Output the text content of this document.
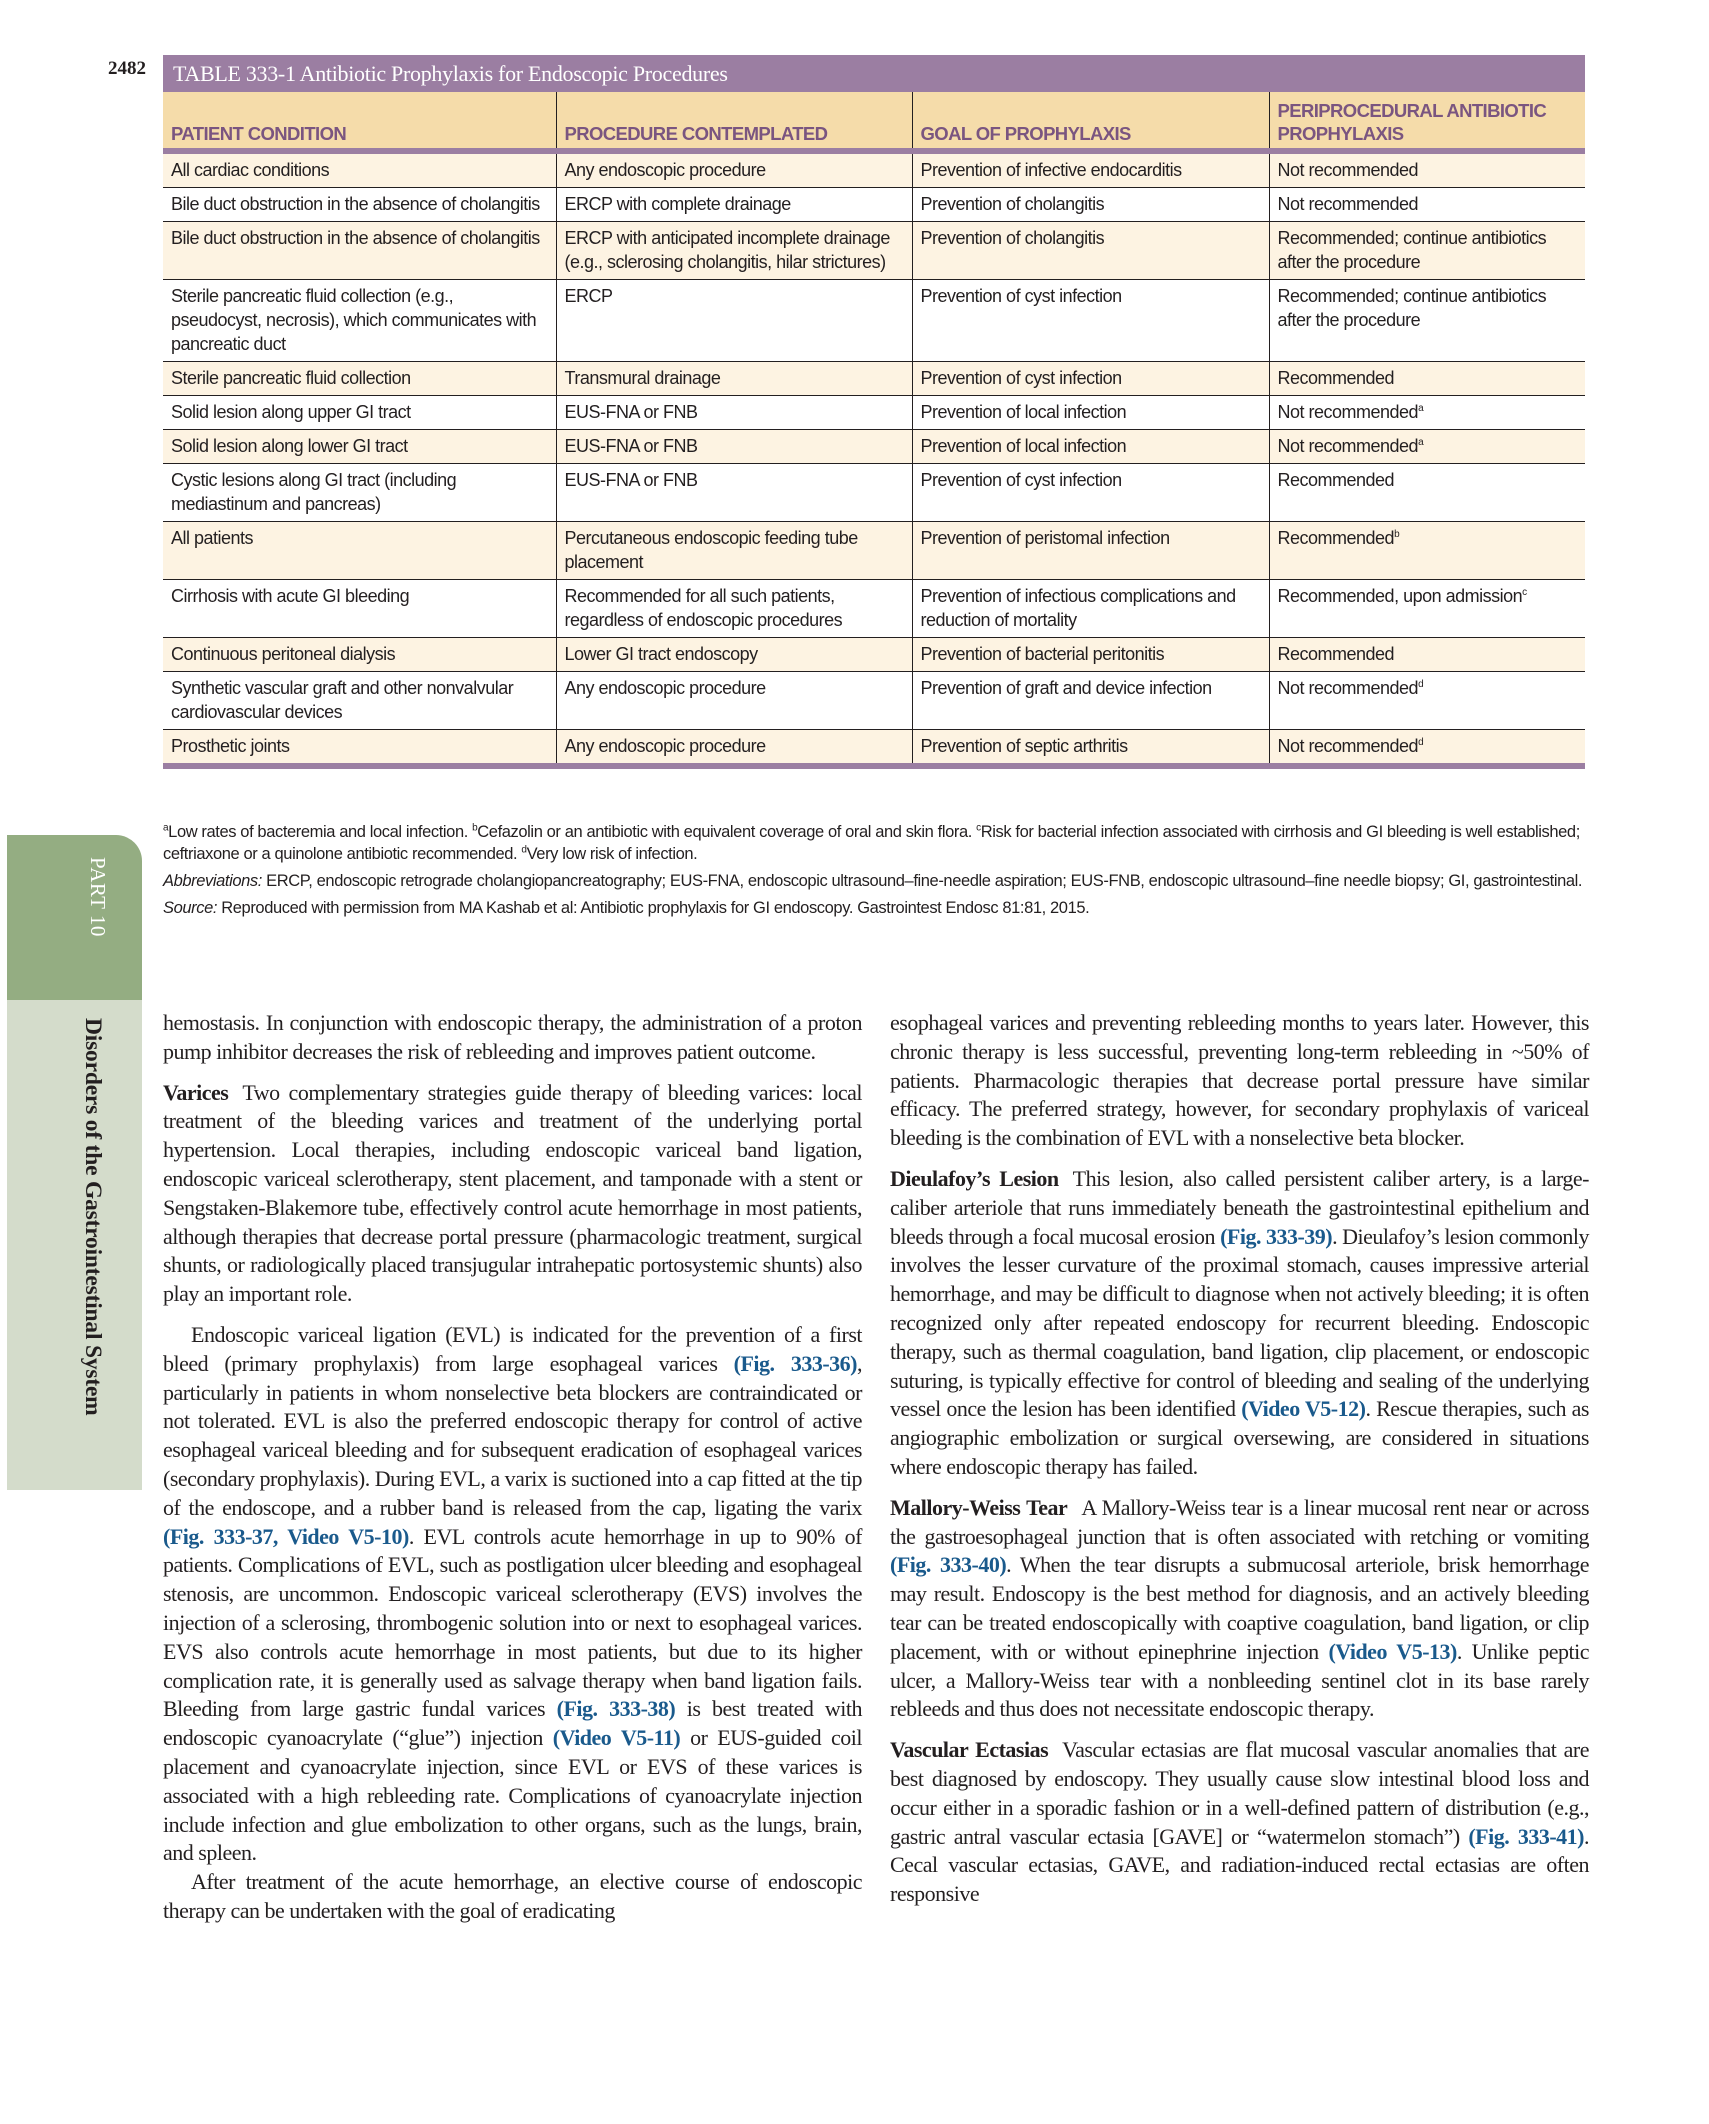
2482	TABLE 333-1 Antibiotic Prophylaxis for Endoscopic Procedures
PATIENT CONDITION	PROCEDURE CONTEMPLATED	GOAL OF PROPHYLAXIS	PERIPROCEDURAL ANTIBIOTIC PROPHYLAXIS
All cardiac conditions	Any endoscopic procedure	Prevention of infective endocarditis	Not recommended
Bile duct obstruction in the absence of cholangitis	ERCP with complete drainage	Prevention of cholangitis	Not recommended
Bile duct obstruction in the absence of cholangitis	ERCP with anticipated incomplete drainage (e.g., sclerosing cholangitis, hilar strictures)	Prevention of cholangitis	Recommended; continue antibiotics after the procedure
Sterile pancreatic fluid collection (e.g., pseudocyst, necrosis), which communicates with pancreatic duct	ERCP	Prevention of cyst infection	Recommended; continue antibiotics after the procedure
Sterile pancreatic fluid collection	Transmural drainage	Prevention of cyst infection	Recommended
Solid lesion along upper GI tract	EUS-FNA or FNB	Prevention of local infection	Not recommended$^a$
Solid lesion along lower GI tract	EUS-FNA or FNB	Prevention of local infection	Not recommended$^a$
Cystic lesions along GI tract (including mediastinum and pancreas)	EUS-FNA or FNB	Prevention of cyst infection	Recommended
All patients	Percutaneous endoscopic feeding tube placement	Prevention of peristomal infection	Recommended$^b$
Cirrhosis with acute GI bleeding	Recommended for all such patients, regardless of endoscopic procedures	Prevention of infectious complications and reduction of mortality	Recommended, upon admission$^c$
Continuous peritoneal dialysis	Lower GI tract endoscopy	Prevention of bacterial peritonitis	Recommended
Synthetic vascular graft and other nonvalvular cardiovascular devices	Any endoscopic procedure	Prevention of graft and device infection	Not recommended$^d$
Prosthetic joints	Any endoscopic procedure	Prevention of septic arthritis	Not recommended$^d$

$^a$Low rates of bacteremia and local infection. $^b$Cefazolin or an antibiotic with equivalent coverage of oral and skin flora. $^c$Risk for bacterial infection associated with cirrhosis and GI bleeding is well established; ceftriaxone or a quinolone antibiotic recommended. $^d$Very low risk of infection.

Abbreviations: ERCP, endoscopic retrograde cholangiopancreatography; EUS-FNA, endoscopic ultrasound–fine-needle aspiration; EUS-FNB, endoscopic ultrasound–fine needle biopsy; GI, gastrointestinal.

Source: Reproduced with permission from MA Kashab et al: Antibiotic prophylaxis for GI endoscopy. Gastrointest Endosc 81:81, 2015.

PART 10
Disorders of the Gastrointestinal System	hemostasis. In conjunction with endoscopic therapy, the administration of a proton pump inhibitor decreases the risk of rebleeding and improves patient outcome.

Varices Two complementary strategies guide therapy of bleeding varices: local treatment of the bleeding varices and treatment of the underlying portal hypertension. Local therapies, including endoscopic variceal band ligation, endoscopic variceal sclerotherapy, stent placement, and tamponade with a stent or Sengstaken-Blakemore tube, effectively control acute hemorrhage in most patients, although therapies that decrease portal pressure (pharmacologic treatment, surgical shunts, or radiologically placed transjugular intrahepatic portosystemic shunts) also play an important role.

Endoscopic variceal ligation (EVL) is indicated for the prevention of a first bleed (primary prophylaxis) from large esophageal varices (Fig. 333-36), particularly in patients in whom nonselective beta blockers are contraindicated or not tolerated. EVL is also the preferred endoscopic therapy for control of active esophageal variceal bleeding and for subsequent eradication of esophageal varices (secondary prophylaxis). During EVL, a varix is suctioned into a cap fitted at the tip of the endoscope, and a rubber band is released from the cap, ligating the varix (Fig. 333-37, Video V5-10). EVL controls acute hemorrhage in up to 90% of patients. Complications of EVL, such as postligation ulcer bleeding and esophageal stenosis, are uncommon. Endoscopic variceal sclerotherapy (EVS) involves the injection of a sclerosing, thrombogenic solution into or next to esophageal varices. EVS also controls acute hemorrhage in most patients, but due to its higher complication rate, it is generally used as salvage therapy when band ligation fails. Bleeding from large gastric fundal varices (Fig. 333-38) is best treated with endoscopic cyanoacrylate (“glue”) injection (Video V5-11) or EUS-guided coil placement and cyanoacrylate injection, since EVL or EVS of these varices is associated with a high rebleeding rate. Complications of cyanoacrylate injection include infection and glue embolization to other organs, such as the lungs, brain, and spleen.

After treatment of the acute hemorrhage, an elective course of endoscopic therapy can be undertaken with the goal of eradicating

esophageal varices and preventing rebleeding months to years later. However, this chronic therapy is less successful, preventing long-term rebleeding in ~50% of patients. Pharmacologic therapies that decrease portal pressure have similar efficacy. The preferred strategy, however, for secondary prophylaxis of variceal bleeding is the combination of EVL with a nonselective beta blocker.

Dieulafoy’s Lesion This lesion, also called persistent caliber artery, is a large-caliber arteriole that runs immediately beneath the gastrointestinal epithelium and bleeds through a focal mucosal erosion (Fig. 333-39). Dieulafoy’s lesion commonly involves the lesser curvature of the proximal stomach, causes impressive arterial hemorrhage, and may be difficult to diagnose when not actively bleeding; it is often recognized only after repeated endoscopy for recurrent bleeding. Endoscopic therapy, such as thermal coagulation, band ligation, clip placement, or endoscopic suturing, is typically effective for control of bleeding and sealing of the underlying vessel once the lesion has been identified (Video V5-12). Rescue therapies, such as angiographic embolization or surgical oversewing, are considered in situations where endoscopic therapy has failed.

Mallory-Weiss Tear A Mallory-Weiss tear is a linear mucosal rent near or across the gastroesophageal junction that is often associated with retching or vomiting (Fig. 333-40). When the tear disrupts a submucosal arteriole, brisk hemorrhage may result. Endoscopy is the best method for diagnosis, and an actively bleeding tear can be treated endoscopically with coaptive coagulation, band ligation, or clip placement, with or without epinephrine injection (Video V5-13). Unlike peptic ulcer, a Mallory-Weiss tear with a nonbleeding sentinel clot in its base rarely rebleeds and thus does not necessitate endoscopic therapy.

Vascular Ectasias Vascular ectasias are flat mucosal vascular anomalies that are best diagnosed by endoscopy. They usually cause slow intestinal blood loss and occur either in a sporadic fashion or in a well-defined pattern of distribution (e.g., gastric antral vascular ectasia [GAVE] or “watermelon stomach”) (Fig. 333-41). Cecal vascular ectasias, GAVE, and radiation-induced rectal ectasias are often responsive
